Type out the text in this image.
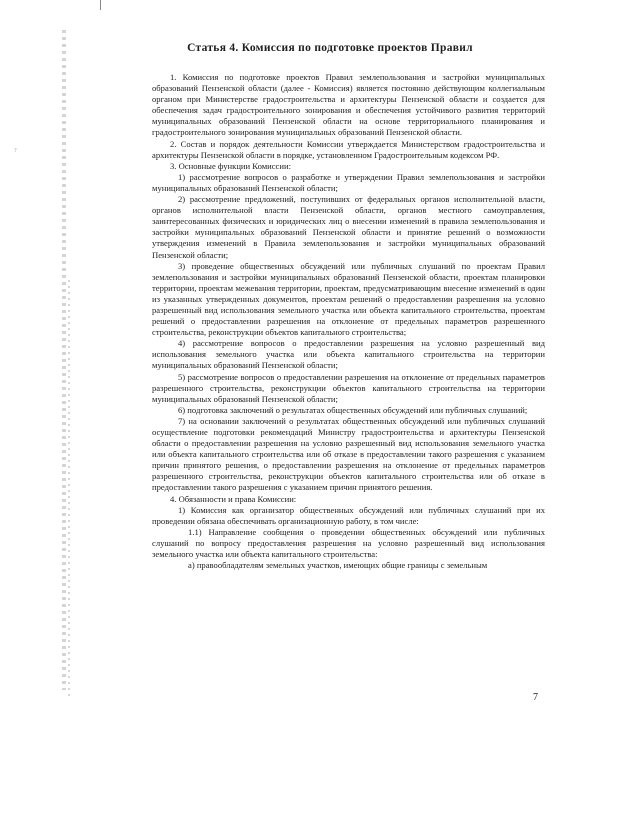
?
Статья 4. Комиссия по подготовке проектов Правил

1. Комиссия по подготовке проектов Правил землепользования и застройки муниципальных образований Пензенской области (далее - Комиссия) является постоянно действующим коллегиальным органом при Министерстве градостроительства и архитектуры Пензенской области и создается для обеспечения задач градостроительного зонирования и обеспечения устойчивого развития территорий муниципальных образований Пензенской области на основе территориального планирования и градостроительного зонирования муниципальных образований Пензенской области.

2. Состав и порядок деятельности Комиссии утверждается Министерством градостроительства и архитектуры Пензенской области в порядке, установленном Градостроительным кодексом РФ.

3. Основные функции Комиссии:

1) рассмотрение вопросов о разработке и утверждении Правил землепользования и застройки муниципальных образований Пензенской области;

2) рассмотрение предложений, поступивших от федеральных органов исполнительной власти, органов исполнительной власти Пензенской области, органов местного самоуправления, заинтересованных физических и юридических лиц о внесении изменений в правила землепользования и застройки муниципальных образований Пензенской области и принятие решений о возможности утверждения изменений в Правила землепользования и застройки муниципальных образований Пензенской области;

3) проведение общественных обсуждений или публичных слушаний по проектам Правил землепользования и застройки муниципальных образований Пензенской области, проектам планировки территории, проектам межевания территории, проектам, предусматривающим внесение изменений в один из указанных утвержденных документов, проектам решений о предоставлении разрешения на условно разрешенный вид использования земельного участка или объекта капитального строительства, проектам решений о предоставлении разрешения на отклонение от предельных параметров разрешенного строительства, реконструкции объектов капитального строительства;

4) рассмотрение вопросов о предоставлении разрешения на условно разрешенный вид использования земельного участка или объекта капитального строительства на территории муниципальных образований Пензенской области;

5) рассмотрение вопросов о предоставлении разрешения на отклонение от предельных параметров разрешенного строительства, реконструкции объектов капитального строительства на территории муниципальных образований Пензенской области;

6) подготовка заключений о результатах общественных обсуждений или публичных слушаний;

7) на основании заключений о результатах общественных обсуждений или публичных слушаний осуществление подготовки рекомендаций Министру градостроительства и архитектуры Пензенской области о предоставлении разрешения на условно разрешенный вид использования земельного участка или объекта капитального строительства или об отказе в предоставлении такого разрешения с указанием причин принятого решения, о предоставлении разрешения на отклонение от предельных параметров разрешенного строительства, реконструкции объектов капитального строительства или об отказе в предоставлении такого разрешения с указанием причин принятого решения.

4. Обязанности и права Комиссии:

1) Комиссия как организатор общественных обсуждений или публичных слушаний при их проведении обязана обеспечивать организационную работу, в том числе:

1.1) Направление сообщения о проведении общественных обсуждений или публичных слушаний по вопросу предоставления разрешения на условно разрешенный вид использования земельного участка или объекта капитального строительства:

а) правообладателям земельных участков, имеющих общие границы с земельным

7
